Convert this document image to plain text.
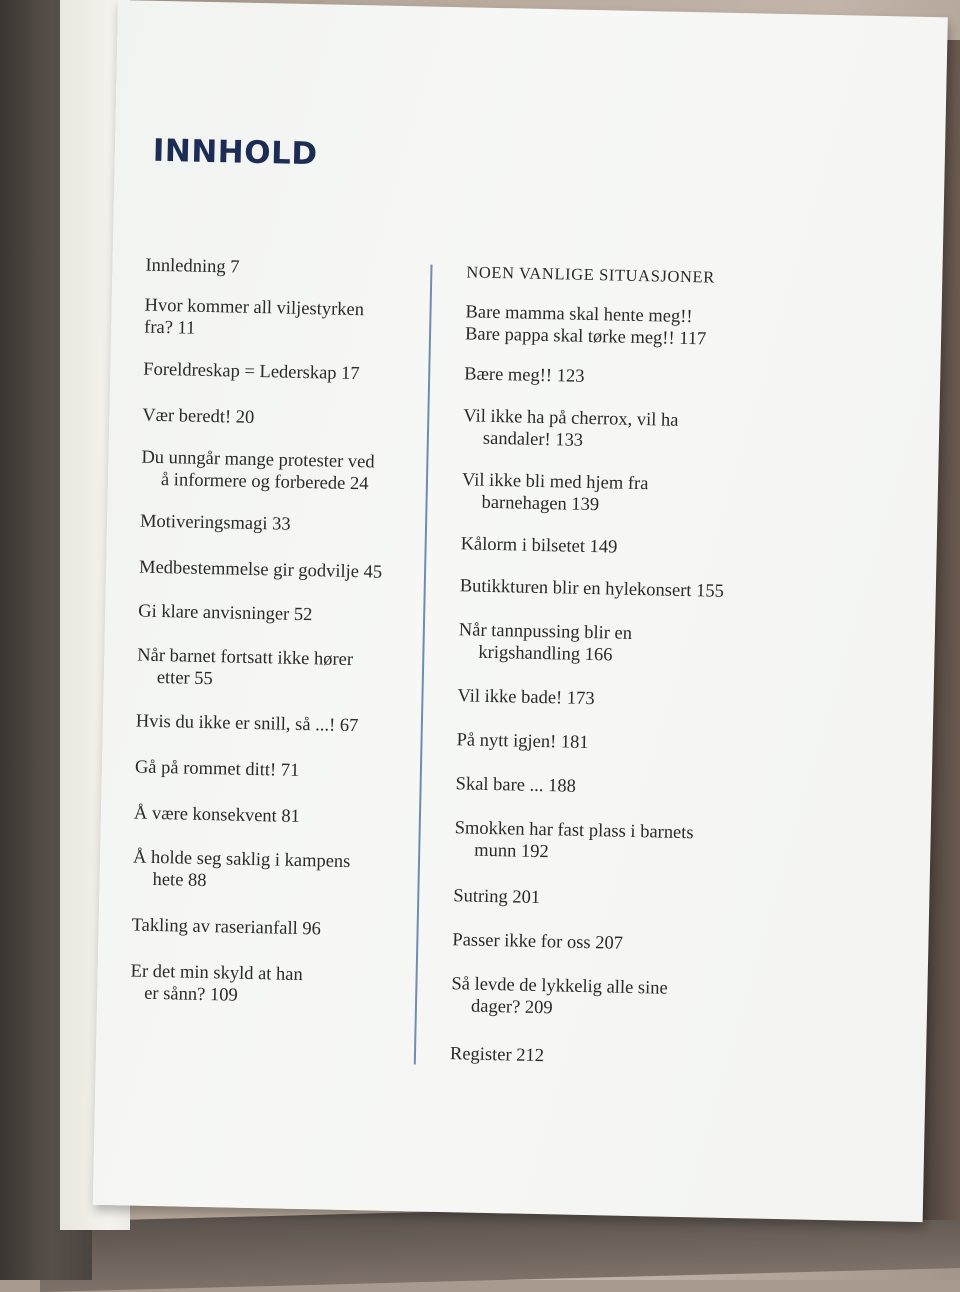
INNHOLD
Innledning 7
Hvor kommer all viljestyrken
fra? 11
Foreldreskap = Lederskap 17
Vær beredt! 20
Du unngår mange protester ved
å informere og forberede 24
Motiveringsmagi 33
Medbestemmelse gir godvilje 45
Gi klare anvisninger 52
Når barnet fortsatt ikke hører
etter 55
Hvis du ikke er snill, så ...! 67
Gå på rommet ditt! 71
Å være konsekvent 81
Å holde seg saklig i kampens
hete 88
Takling av raserianfall 96
Er det min skyld at han
er sånn? 109
NOEN VANLIGE SITUASJONER
Bare mamma skal hente meg!!
Bare pappa skal tørke meg!! 117
Bære meg!! 123
Vil ikke ha på cherrox, vil ha
sandaler! 133
Vil ikke bli med hjem fra
barnehagen 139
Kålorm i bilsetet 149
Butikkturen blir en hylekonsert 155
Når tannpussing blir en
krigshandling 166
Vil ikke bade! 173
På nytt igjen! 181
Skal bare ... 188
Smokken har fast plass i barnets
munn 192
Sutring 201
Passer ikke for oss 207
Så levde de lykkelig alle sine
dager? 209
Register 212
